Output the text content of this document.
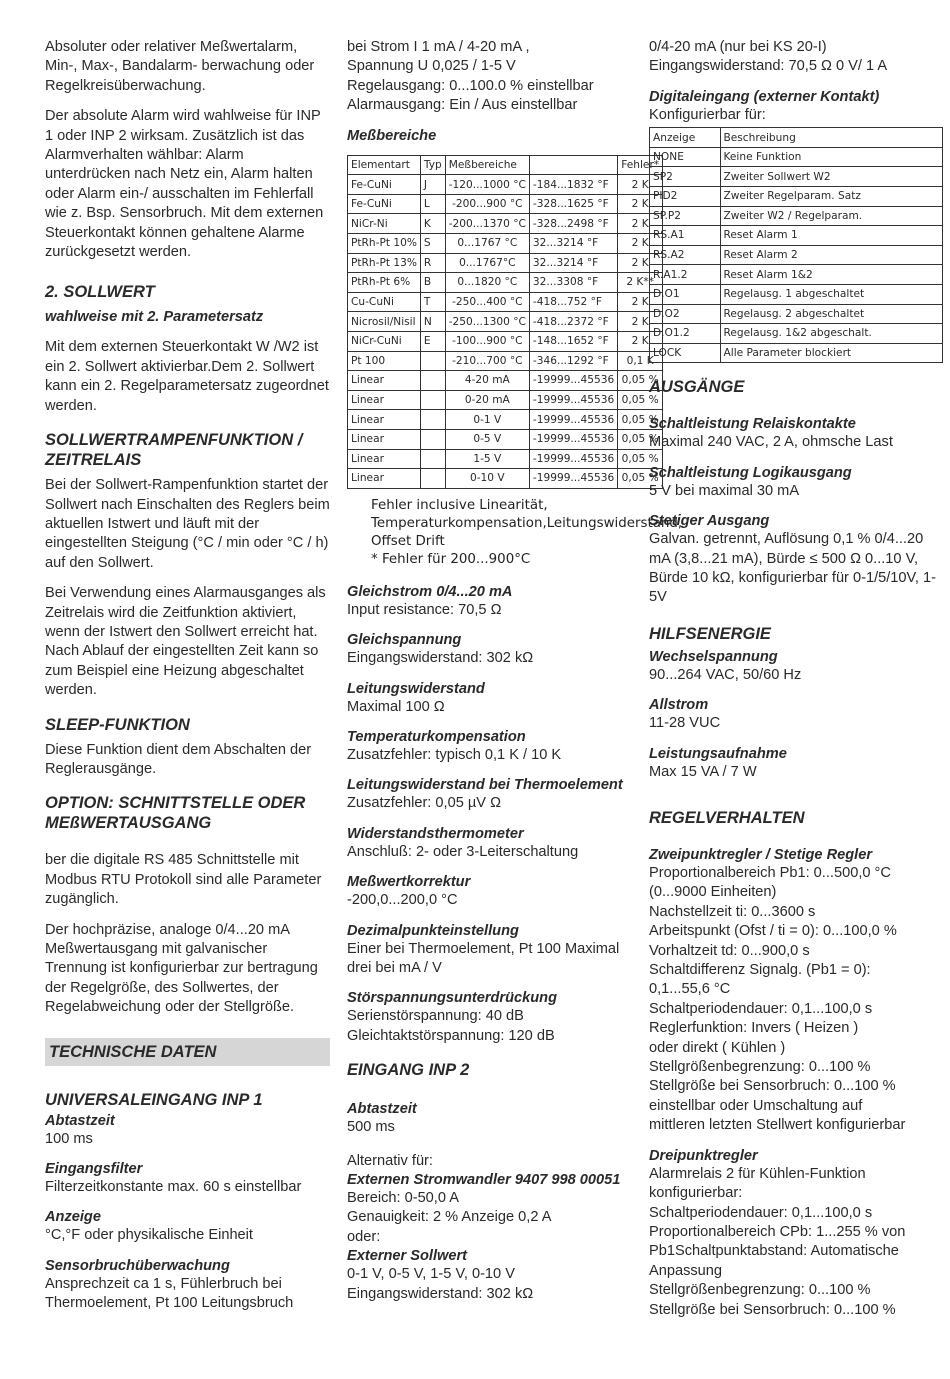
Absoluter oder relativer Meßwertalarm, Min-, Max-, Bandalarm- berwachung oder Regelkreisüberwachung.

Der absolute Alarm wird wahlweise für INP 1 oder INP 2 wirksam. Zusätzlich ist das Alarmverhalten wählbar: Alarm unterdrücken nach Netz ein, Alarm halten oder Alarm ein-/ ausschalten im Fehlerfall wie z. Bsp. Sensorbruch. Mit dem externen Steuerkontakt können gehaltene Alarme zurückgesetzt werden.

2. SOLLWERT
wahlweise mit 2. Parametersatz

Mit dem externen Steuerkontakt W /W2 ist ein 2. Sollwert aktivierbar.Dem 2. Sollwert kann ein 2. Regelparametersatz zugeordnet werden.

SOLLWERTRAMPENFUNKTION / ZEITRELAIS

Bei der Sollwert-Rampenfunktion startet der Sollwert nach Einschalten des Reglers beim aktuellen Istwert und läuft mit der eingestellten Steigung (°C / min oder °C / h) auf den Sollwert.

Bei Verwendung eines Alarmausganges als Zeitrelais wird die Zeitfunktion aktiviert, wenn der Istwert den Sollwert erreicht hat. Nach Ablauf der eingestellten Zeit kann so zum Beispiel eine Heizung abgeschaltet werden.

SLEEP-FUNKTION

Diese Funktion dient dem Abschalten der Reglerausgänge.

OPTION: SCHNITTSTELLE ODER MEßWERTAUSGANG

ber die digitale RS 485 Schnittstelle mit Modbus RTU Protokoll sind alle Parameter zugänglich.

Der hochpräzise, analoge 0/4...20 mA Meßwertausgang mit galvanischer Trennung ist konfigurierbar zur bertragung der Regelgröße, des Sollwertes, der Regelabweichung oder der Stellgröße.

TECHNISCHE DATEN
UNIVERSALEINGANG INP 1
Abtastzeit
100 ms
Eingangsfilter
Filterzeitkonstante max. 60 s einstellbar
Anzeige
°C,°F oder physikalische Einheit
Sensorbruchüberwachung
Ansprechzeit ca 1 s, Fühlerbruch bei Thermoelement, Pt 100 Leitungsbruch
bei Strom I 1 mA / 4-20 mA ,
Spannung U 0,025 / 1-5 V
Regelausgang: 0...100.0 % einstellbar
Alarmausgang: Ein / Aus einstellbar
Meßbereiche
Elementart	Typ	Meßbereiche		Fehler*
Fe-CuNi	J	-120...1000 °C	-184...1832 °F	2 K
Fe-CuNi	L	-200...900 °C	-328...1625 °F	2 K
NiCr-Ni	K	-200...1370 °C	-328...2498 °F	2 K
PtRh-Pt 10%	S	0...1767 °C	32...3214 °F	2 K
PtRh-Pt 13%	R	0...1767°C	32...3214 °F	2 K
PtRh-Pt 6%	B	0...1820 °C	32...3308 °F	2 K**
Cu-CuNi	T	-250...400 °C	-418...752 °F	2 K
Nicrosil/Nisil	N	-250...1300 °C	-418...2372 °F	2 K
NiCr-CuNi	E	-100...900 °C	-148...1652 °F	2 K
Pt 100		-210...700 °C	-346...1292 °F	0,1 K
Linear		4-20 mA	-19999...45536	0,05 %
Linear		0-20 mA	-19999...45536	0,05 %
Linear		0-1 V	-19999...45536	0,05 %
Linear		0-5 V	-19999...45536	0,05 %
Linear		1-5 V	-19999...45536	0,05 %
Linear		0-10 V	-19999...45536	0,05 %
Fehler inclusive Linearität, Temperaturkompensation,Leitungswiderstand, Offset Drift
* Fehler für 200...900°C
Gleichstrom 0/4...20 mA
Input resistance: 70,5 Ω
Gleichspannung
Eingangswiderstand: 302 kΩ
Leitungswiderstand
Maximal 100 Ω
Temperaturkompensation
Zusatzfehler: typisch 0,1 K / 10 K
Leitungswiderstand bei Thermoelement
Zusatzfehler: 0,05 µV Ω
Widerstandsthermometer
Anschluß: 2- oder 3-Leiterschaltung
Meßwertkorrektur
-200,0...200,0 °C
Dezimalpunkteinstellung
Einer bei Thermoelement, Pt 100 Maximal drei bei mA / V
Störspannungsunterdrückung
Serienstörspannung: 40 dB Gleichtaktstörspannung: 120 dB
EINGANG INP 2
Abtastzeit
500 ms
Alternativ für:
Externen Stromwandler 9407 998 00051
Bereich: 0-50,0 A
Genauigkeit: 2 % Anzeige 0,2 A
oder:
Externer Sollwert
0-1 V, 0-5 V, 1-5 V, 0-10 V
Eingangswiderstand: 302 kΩ
0/4-20 mA (nur bei KS 20-I)
Eingangswiderstand: 70,5 Ω 0 V/ 1 A
Digitaleingang (externer Kontakt)
Konfigurierbar für:
Anzeige	Beschreibung
NONE	Keine Funktion
SP2	Zweiter Sollwert W2
PID2	Zweiter Regelparam. Satz
SP.P2	Zweiter W2 / Regelparam.
RS.A1	Reset Alarm 1
RS.A2	Reset Alarm 2
R.A1.2	Reset Alarm 1&2
D.O1	Regelausg. 1 abgeschaltet
D.O2	Regelausg. 2 abgeschaltet
D.O1.2	Regelausg. 1&2 abgeschalt.
LOCK	Alle Parameter blockiert
AUSGÄNGE
Schaltleistung Relaiskontakte
Maximal 240 VAC, 2 A, ohmsche Last
Schaltleistung Logikausgang
5 V bei maximal 30 mA
Stetiger Ausgang
Galvan. getrennt, Auflösung 0,1 % 0/4...20 mA (3,8...21 mA), Bürde ≤ 500 Ω 0...10 V, Bürde 10 kΩ, konfigurierbar für 0-1/5/10V, 1-5V
HILFSENERGIE
Wechselspannung
90...264 VAC, 50/60 Hz
Allstrom
11-28 VUC
Leistungsaufnahme
Max 15 VA / 7 W
REGELVERHALTEN
Zweipunktregler / Stetige Regler
Proportionalbereich Pb1: 0...500,0 °C
(0...9000 Einheiten)
Nachstellzeit ti: 0...3600 s
Arbeitspunkt (Ofst / ti = 0): 0...100,0 %
Vorhaltzeit td: 0...900,0 s
Schaltdifferenz Signalg. (Pb1 = 0):
0,1...55,6 °C
Schaltperiodendauer: 0,1...100,0 s
Reglerfunktion: Invers ( Heizen )
oder direkt ( Kühlen )
Stellgrößenbegrenzung: 0...100 %
Stellgröße bei Sensorbruch: 0...100 %
einstellbar oder Umschaltung auf
mittleren letzten Stellwert konfigurierbar
Dreipunktregler
Alarmrelais 2 für Kühlen-Funktion
konfigurierbar:
Schaltperiodendauer: 0,1...100,0 s
Proportionalbereich CPb: 1...255 % von
Pb1Schaltpunktabstand: Automatische
Anpassung
Stellgrößenbegrenzung: 0...100 %
Stellgröße bei Sensorbruch: 0...100 %
